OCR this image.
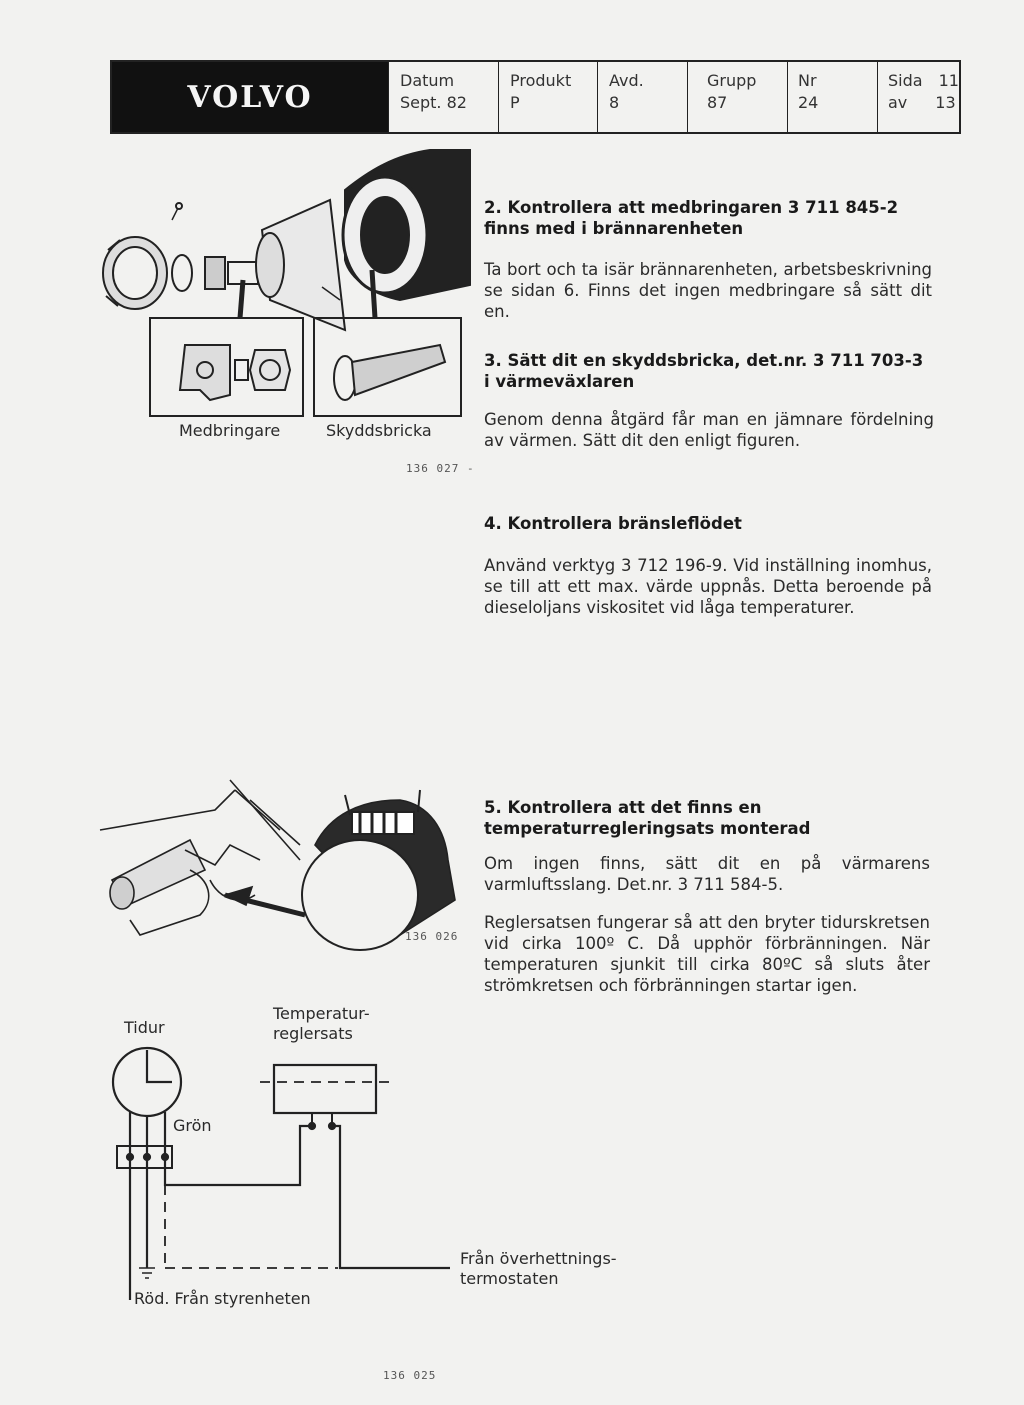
VOLVO	Datum
Sept. 82
Produkt
P
Avd.
8
Grupp
87
Nr
24
Sida 11
av 13
Medbringare	Skyddsbricka
136 027 -
2. Kontrollera att medbringaren 3 711 845-2 finns med i brännarenheten
Ta bort och ta isär brännarenheten, arbetsbeskrivning se sidan 6. Finns det ingen medbringare så sätt dit en.
3. Sätt dit en skyddsbricka, det.nr. 3 711 703-3 i värmeväxlaren
Genom denna åtgärd får man en jämnare fördelning av värmen. Sätt dit den enligt figuren.
4. Kontrollera bränsleflödet
Använd verktyg 3 712 196-9. Vid inställning inomhus, se till att ett max. värde uppnås. Detta beroende på dieseloljans viskositet vid låga temperaturer.
136 026
5. Kontrollera att det finns en temperaturregleringsats monterad
Om ingen finns, sätt dit en på värmarens varmluftsslang. Det.nr. 3 711 584-5.
Reglersatsen fungerar så att den bryter tidurskretsen vid cirka 100º C. Då upphör förbränningen. När temperaturen sjunkit till cirka 80ºC så sluts åter strömkretsen och förbränningen startar igen.
Tidur
Temperatur-
reglersats
Grön
Från överhettnings-
termostaten
Röd. Från styrenheten
136 025
